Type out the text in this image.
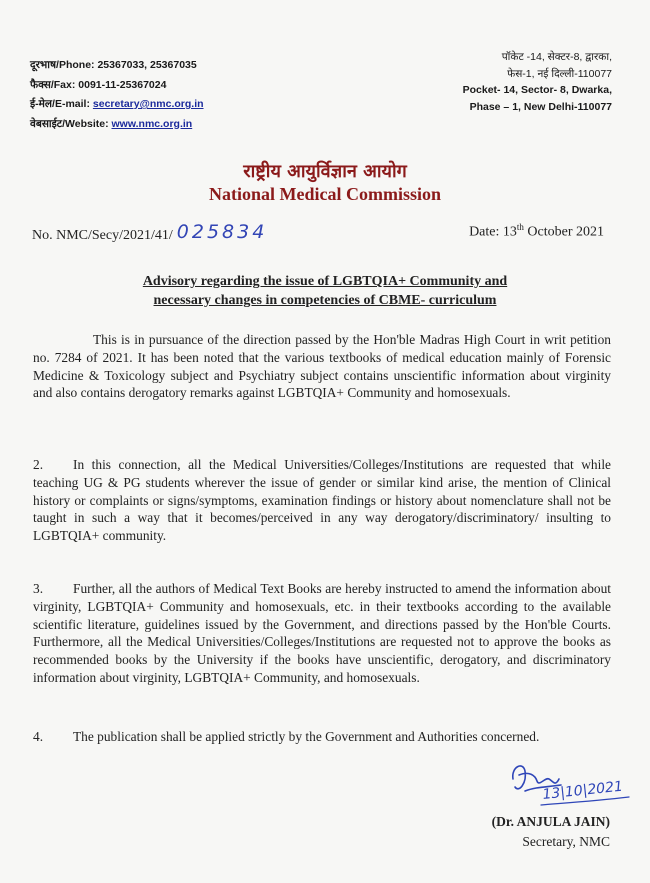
दूरभाष/Phone: 25367033, 25367035
फैक्स/Fax: 0091-11-25367024
ई-मेल/E-mail: secretary@nmc.org.in
वेबसाईट/Website: www.nmc.org.in
पॉकेट -14, सेक्टर-8, द्वारका,
फेस-1, नई दिल्ली-110077
Pocket- 14, Sector- 8, Dwarka,
Phase – 1, New Delhi-110077
राष्ट्रीय आयुर्विज्ञान आयोग
National Medical Commission
No. NMC/Secy/2021/41/ 025834	Date: 13th October 2021
Advisory regarding the issue of LGBTQIA+ Community and
necessary changes in competencies of CBME- curriculum
This is in pursuance of the direction passed by the Hon'ble Madras High Court in writ petition no. 7284 of 2021. It has been noted that the various textbooks of medical education mainly of Forensic Medicine & Toxicology subject and Psychiatry subject contains unscientific information about virginity and also contains derogatory remarks against LGBTQIA+ Community and homosexuals.
2. In this connection, all the Medical Universities/Colleges/Institutions are requested that while teaching UG & PG students wherever the issue of gender or similar kind arise, the mention of Clinical history or complaints or signs/symptoms, examination findings or history about nomenclature shall not be taught in such a way that it becomes/perceived in any way derogatory/discriminatory/ insulting to LGBTQIA+ community.
3. Further, all the authors of Medical Text Books are hereby instructed to amend the information about virginity, LGBTQIA+ Community and homosexuals, etc. in their textbooks according to the available scientific literature, guidelines issued by the Government, and directions passed by the Hon'ble Courts. Furthermore, all the Medical Universities/Colleges/Institutions are requested not to approve the books as recommended books by the University if the books have unscientific, derogatory, and discriminatory information about virginity, LGBTQIA+ Community, and homosexuals.
4. The publication shall be applied strictly by the Government and Authorities concerned.
13|10|2021
(Dr. ANJULA JAIN)
Secretary, NMC
